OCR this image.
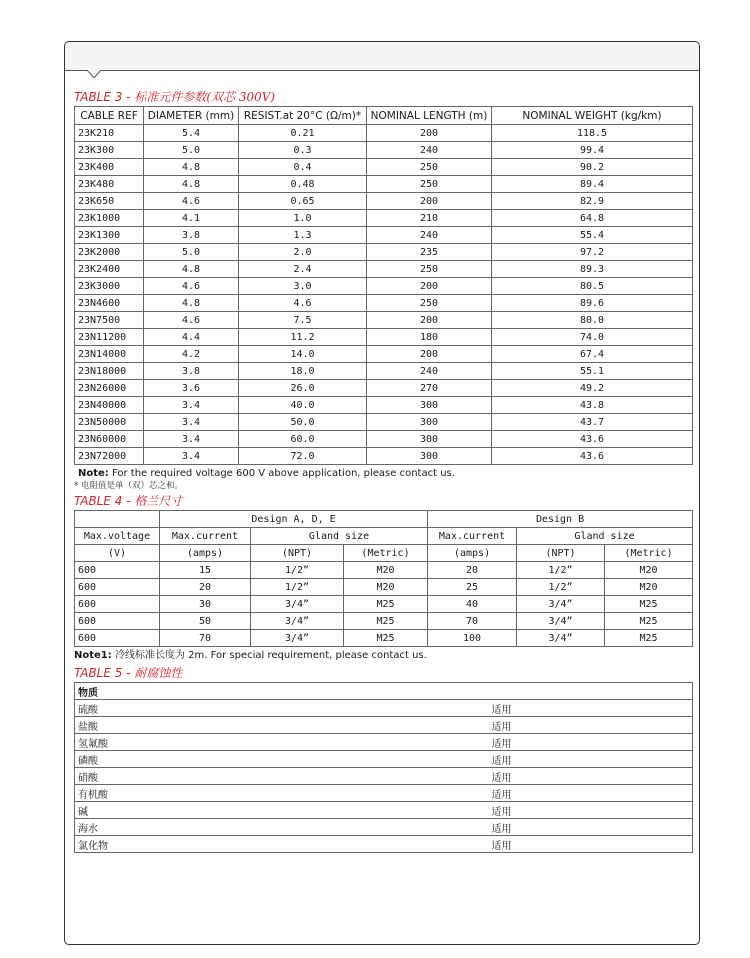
TABLE 3 - 标准元件参数(双芯 300V)

CABLE REF	DIAMETER (mm)	RESIST.at 20°C (Ω/m)*	NOMINAL LENGTH (m)	NOMINAL WEIGHT (kg/km)
23K210	5.4	0.21	200	118.5
23K300	5.0	0.3	240	99.4
23K400	4.8	0.4	250	90.2
23K480	4.8	0.48	250	89.4
23K650	4.6	0.65	200	82.9
23K1000	4.1	1.0	210	64.8
23K1300	3.8	1.3	240	55.4
23K2000	5.0	2.0	235	97.2
23K2400	4.8	2.4	250	89.3
23K3000	4.6	3.0	200	80.5
23N4600	4.8	4.6	250	89.6
23N7500	4.6	7.5	200	80.0
23N11200	4.4	11.2	180	74.0
23N14000	4.2	14.0	200	67.4
23N18000	3.8	18.0	240	55.1
23N26000	3.6	26.0	270	49.2
23N40000	3.4	40.0	300	43.8
23N50000	3.4	50.0	300	43.7
23N60000	3.4	60.0	300	43.6
23N72000	3.4	72.0	300	43.6

Note: For the required voltage 600 V above application, please contact us.

* 电阻值是单（双）芯之和。

TABLE 4 - 格兰尺寸

	Design A, D, E			Design B		
Max.voltage	Max.current	Gland size		Max.current	Gland size	
(V)	(amps)	(NPT)	(Metric)	(amps)	(NPT)	(Metric)
600	15	1/2”	M20	20	1/2”	M20
600	20	1/2”	M20	25	1/2”	M20
600	30	3/4”	M25	40	3/4”	M25
600	50	3/4”	M25	70	3/4”	M25
600	70	3/4”	M25	100	3/4”	M25

Note1: 冷线标准长度为 2m. For special requirement, please contact us.

TABLE 5 - 耐腐蚀性

物质	
硫酸	适用
盐酸	适用
氢氟酸	适用
磷酸	适用
硝酸	适用
有机酸	适用
碱	适用
海水	适用
氯化物	适用
